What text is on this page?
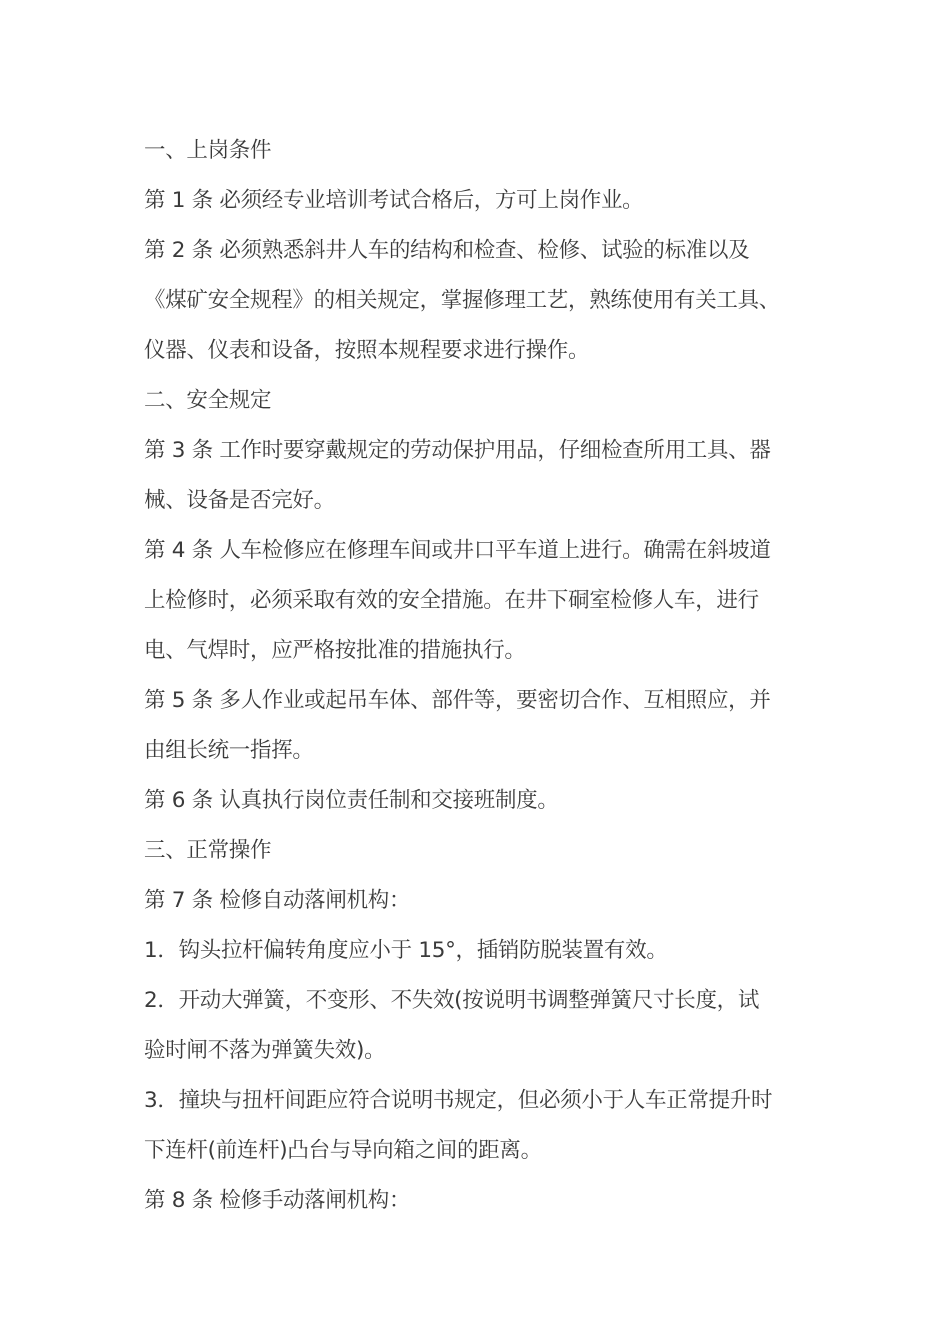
一、上岗条件
第 1 条 必须经专业培训考试合格后，方可上岗作业。
第 2 条 必须熟悉斜井人车的结构和检查、检修、试验的标准以及
《煤矿安全规程》的相关规定，掌握修理工艺，熟练使用有关工具、
仪器、仪表和设备，按照本规程要求进行操作。
二、安全规定
第 3 条 工作时要穿戴规定的劳动保护用品，仔细检查所用工具、器
械、设备是否完好。
第 4 条 人车检修应在修理车间或井口平车道上进行。确需在斜坡道
上检修时，必须采取有效的安全措施。在井下硐室检修人车，进行
电、气焊时，应严格按批准的措施执行。
第 5 条 多人作业或起吊车体、部件等，要密切合作、互相照应，并
由组长统一指挥。
第 6 条 认真执行岗位责任制和交接班制度。
三、正常操作
第 7 条 检修自动落闸机构：
1．钩头拉杆偏转角度应小于 15°，插销防脱装置有效。
2．开动大弹簧，不变形、不失效(按说明书调整弹簧尺寸长度，试
验时闸不落为弹簧失效)。
3．撞块与扭杆间距应符合说明书规定，但必须小于人车正常提升时
下连杆(前连杆)凸台与导向箱之间的距离。
第 8 条 检修手动落闸机构：
